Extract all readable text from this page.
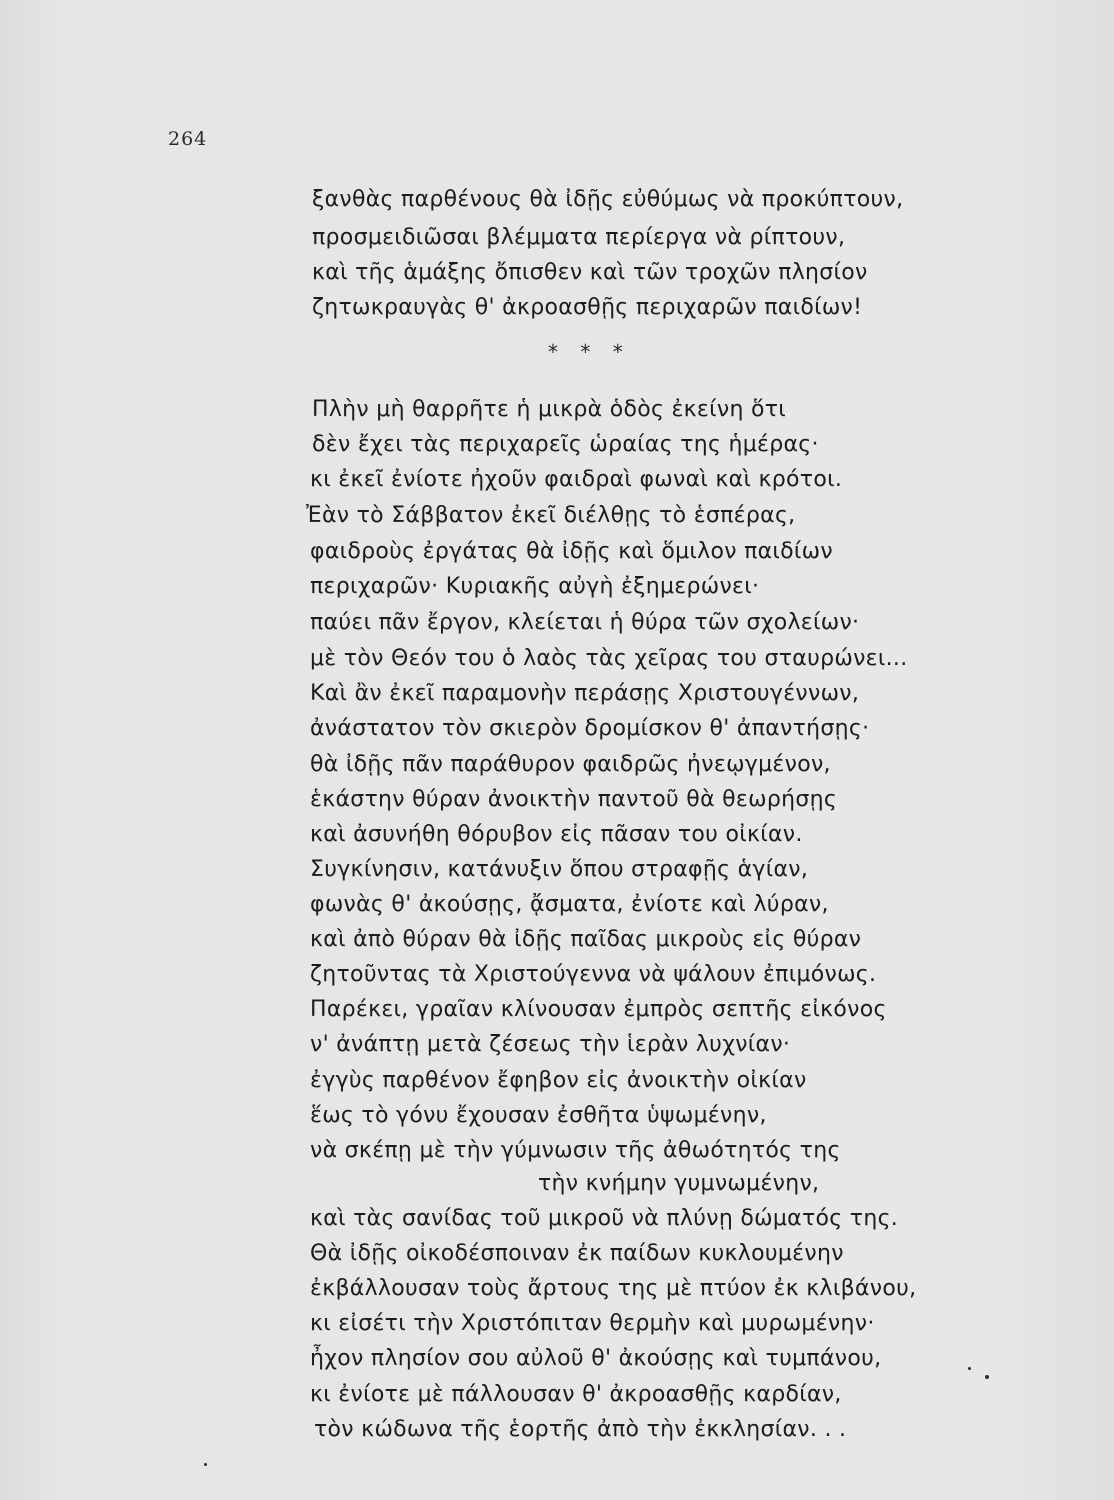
264
ξανθὰς παρθένους θὰ ἰδῇς εὐθύμως νὰ προκύπτουν,
προσμειδιῶσαι βλέμματα περίεργα νὰ ρίπτουν,
καὶ τῆς ἁμάξης ὄπισθεν καὶ τῶν τροχῶν πλησίον
ζητωκραυγὰς θ' ἀκροασθῇς περιχαρῶν παιδίων!
* * *
Πλὴν μὴ θαρρῆτε ἡ μικρὰ ὁδὸς ἐκείνη ὅτι
δὲν ἔχει τὰς περιχαρεῖς ὡραίας της ἡμέρας·
κι ἐκεῖ ἐνίοτε ἠχοῦν φαιδραὶ φωναὶ καὶ κρότοι.
Ἐὰν τὸ Σάββατον ἐκεῖ διέλθῃς τὸ ἑσπέρας,
φαιδροὺς ἐργάτας θὰ ἰδῇς καὶ ὅμιλον παιδίων
περιχαρῶν· Κυριακῆς αὐγὴ ἐξημερώνει·
παύει πᾶν ἔργον, κλείεται ἡ θύρα τῶν σχολείων·
μὲ τὸν Θεόν του ὁ λαὸς τὰς χεῖρας του σταυρώνει...
Καὶ ἂν ἐκεῖ παραμονὴν περάσῃς Χριστουγέννων,
ἀνάστατον τὸν σκιερὸν δρομίσκον θ' ἀπαντήσῃς·
θὰ ἰδῇς πᾶν παράθυρον φαιδρῶς ἠνεῳγμένον,
ἑκάστην θύραν ἀνοικτὴν παντοῦ θὰ θεωρήσῃς
καὶ ἀσυνήθη θόρυβον εἰς πᾶσαν του οἰκίαν.
Συγκίνησιν, κατάνυξιν ὅπου στραφῇς ἁγίαν,
φωνὰς θ' ἀκούσῃς, ᾄσματα, ἐνίοτε καὶ λύραν,
καὶ ἀπὸ θύραν θὰ ἰδῇς παῖδας μικροὺς εἰς θύραν
ζητοῦντας τὰ Χριστούγεννα νὰ ψάλουν ἐπιμόνως.
Παρέκει, γραῖαν κλίνουσαν ἐμπρὸς σεπτῆς εἰκόνος
ν' ἀνάπτῃ μετὰ ζέσεως τὴν ἱερὰν λυχνίαν·
ἐγγὺς παρθένον ἔφηβον εἰς ἀνοικτὴν οἰκίαν
ἕως τὸ γόνυ ἔχουσαν ἐσθῆτα ὑψωμένην,
νὰ σκέπῃ μὲ τὴν γύμνωσιν τῆς ἀθωότητός της
τὴν κνήμην γυμνωμένην,
καὶ τὰς σανίδας τοῦ μικροῦ νὰ πλύνῃ δώματός της.
Θὰ ἰδῇς οἰκοδέσποιναν ἐκ παίδων κυκλουμένην
ἐκβάλλουσαν τοὺς ἄρτους της μὲ πτύον ἐκ κλιβάνου,
κι εἰσέτι τὴν Χριστόπιταν θερμὴν καὶ μυρωμένην·
ἦχον πλησίον σου αὐλοῦ θ' ἀκούσῃς καὶ τυμπάνου,
κι ἐνίοτε μὲ πάλλουσαν θ' ἀκροασθῇς καρδίαν,
τὸν κώδωνα τῆς ἑορτῆς ἀπὸ τὴν ἐκκλησίαν. . .
